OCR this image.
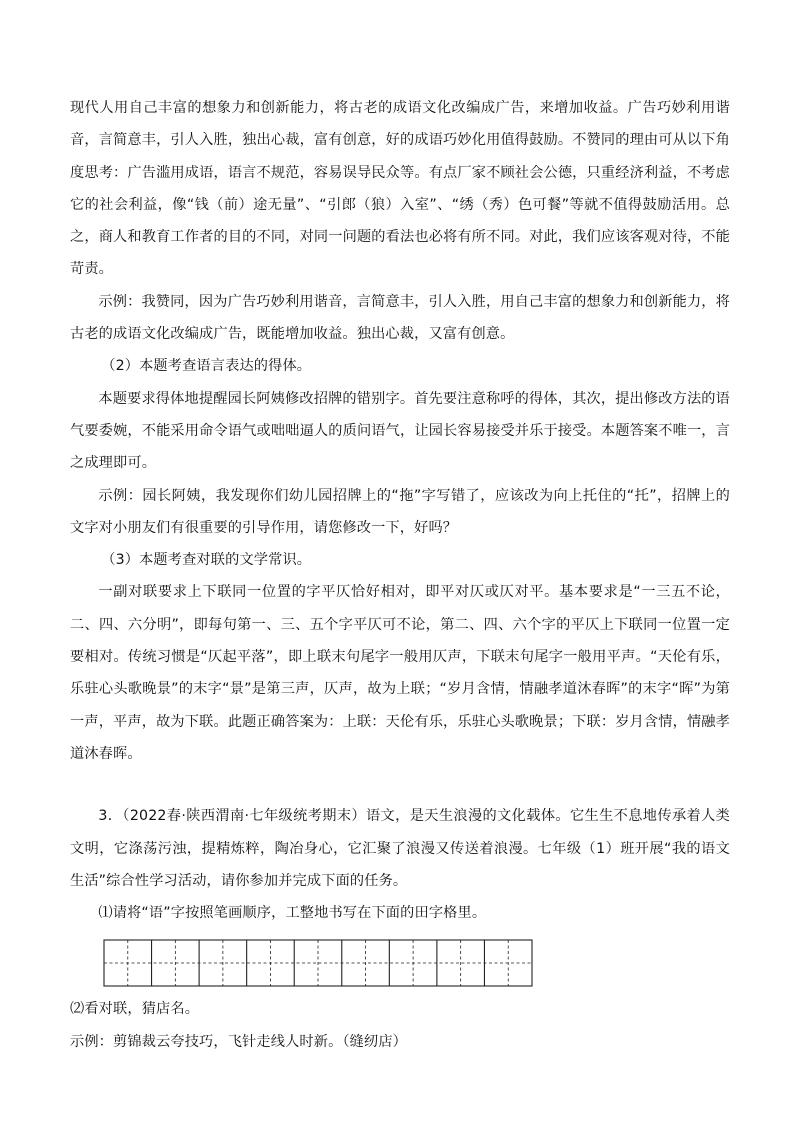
现代人用自己丰富的想象力和创新能力，将古老的成语文化改编成广告，来增加收益。广告巧妙利用谐音，言简意丰，引人入胜，独出心裁，富有创意，好的成语巧妙化用值得鼓励。不赞同的理由可从以下角度思考：广告滥用成语，语言不规范，容易误导民众等。有点厂家不顾社会公德，只重经济利益，不考虑它的社会利益，像“钱（前）途无量”、“引郎（狼）入室”、“绣（秀）色可餐”等就不值得鼓励活用。总之，商人和教育工作者的目的不同，对同一问题的看法也必将有所不同。对此，我们应该客观对待，不能苛责。

示例：我赞同，因为广告巧妙利用谐音，言简意丰，引人入胜，用自己丰富的想象力和创新能力，将古老的成语文化改编成广告，既能增加收益。独出心裁，又富有创意。

（2）本题考查语言表达的得体。

本题要求得体地提醒园长阿姨修改招牌的错别字。首先要注意称呼的得体，其次，提出修改方法的语气要委婉，不能采用命令语气或咄咄逼人的质问语气，让园长容易接受并乐于接受。本题答案不唯一，言之成理即可。

示例：园长阿姨，我发现你们幼儿园招牌上的“拖”字写错了，应该改为向上托住的“托”，招牌上的文字对小朋友们有很重要的引导作用，请您修改一下，好吗？

（3）本题考查对联的文学常识。

一副对联要求上下联同一位置的字平仄恰好相对，即平对仄或仄对平。基本要求是“一三五不论，二、四、六分明”，即每句第一、三、五个字平仄可不论，第二、四、六个字的平仄上下联同一位置一定要相对。传统习惯是“仄起平落”，即上联末句尾字一般用仄声，下联末句尾字一般用平声。“天伦有乐，乐驻心头歌晚景”的末字“景”是第三声，仄声，故为上联；“岁月含情，情融孝道沐春晖”的末字“晖”为第一声，平声，故为下联。此题正确答案为：上联：天伦有乐，乐驻心头歌晚景；下联：岁月含情，情融孝道沐春晖。

3．（2022春·陕西渭南·七年级统考期末）语文，是天生浪漫的文化载体。它生生不息地传承着人类文明，它涤荡污浊，提精炼粹，陶冶身心，它汇聚了浪漫又传送着浪漫。七年级（1）班开展“我的语文生活”综合性学习活动，请你参加并完成下面的任务。

⑴请将“语”字按照笔画顺序，工整地书写在下面的田字格里。

⑵看对联，猜店名。

示例：剪锦裁云夸技巧，飞针走线人时新。（缝纫店）
